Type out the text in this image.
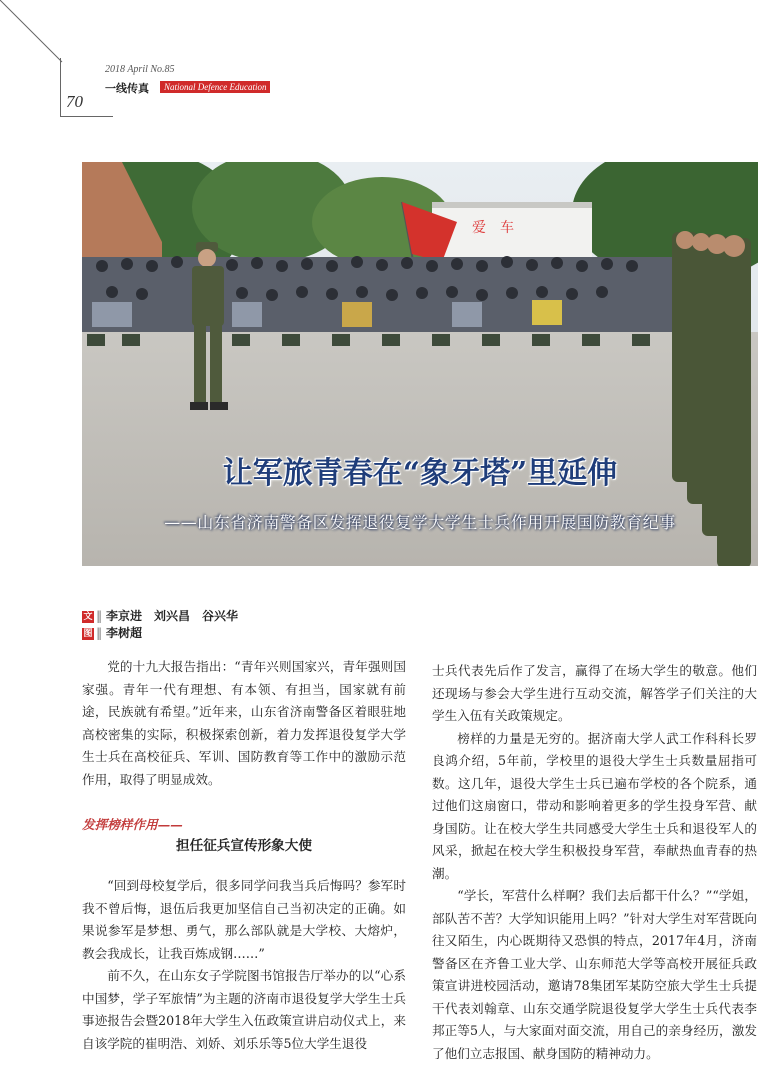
70
2018 April No.85
一线传真	National Defence Education
爱　车
让军旅青春在“象牙塔”里延伸
——山东省济南警备区发挥退役复学大学生士兵作用开展国防教育纪事
文 ‖ 李京进　刘兴昌　谷兴华
图 ‖ 李树超

党的十九大报告指出：“青年兴则国家兴，青年强则国家强。青年一代有理想、有本领、有担当，国家就有前途，民族就有希望。”近年来，山东省济南警备区着眼驻地高校密集的实际，积极探索创新，着力发挥退役复学大学生士兵在高校征兵、军训、国防教育等工作中的激励示范作用，取得了明显成效。

发挥榜样作用——
担任征兵宣传形象大使

“回到母校复学后，很多同学问我当兵后悔吗？参军时我不曾后悔，退伍后我更加坚信自己当初决定的正确。如果说参军是梦想、勇气，那么部队就是大学校、大熔炉，教会我成长，让我百炼成钢……”

前不久，在山东女子学院图书馆报告厅举办的以“心系中国梦，学子军旅情”为主题的济南市退役复学大学生士兵事迹报告会暨2018年大学生入伍政策宣讲启动仪式上，来自该学院的崔明浩、刘娇、刘乐乐等5位大学生退役

士兵代表先后作了发言，赢得了在场大学生的敬意。他们还现场与参会大学生进行互动交流，解答学子们关注的大学生入伍有关政策规定。

榜样的力量是无穷的。据济南大学人武工作科科长罗良鸿介绍，5年前，学校里的退役大学生士兵数量屈指可数。这几年，退役大学生士兵已遍布学校的各个院系，通过他们这扇窗口，带动和影响着更多的学生投身军营、献身国防。让在校大学生共同感受大学生士兵和退役军人的风采，掀起在校大学生积极投身军营，奉献热血青春的热潮。

“学长，军营什么样啊？我们去后都干什么？”“学姐，部队苦不苦？大学知识能用上吗？”针对大学生对军营既向往又陌生，内心既期待又恐惧的特点，2017年4月，济南警备区在齐鲁工业大学、山东师范大学等高校开展征兵政策宣讲进校园活动，邀请78集团军某防空旅大学生士兵提干代表刘翰章、山东交通学院退役复学大学生士兵代表李邦正等5人，与大家面对面交流，用自己的亲身经历，激发了他们立志报国、献身国防的精神动力。
